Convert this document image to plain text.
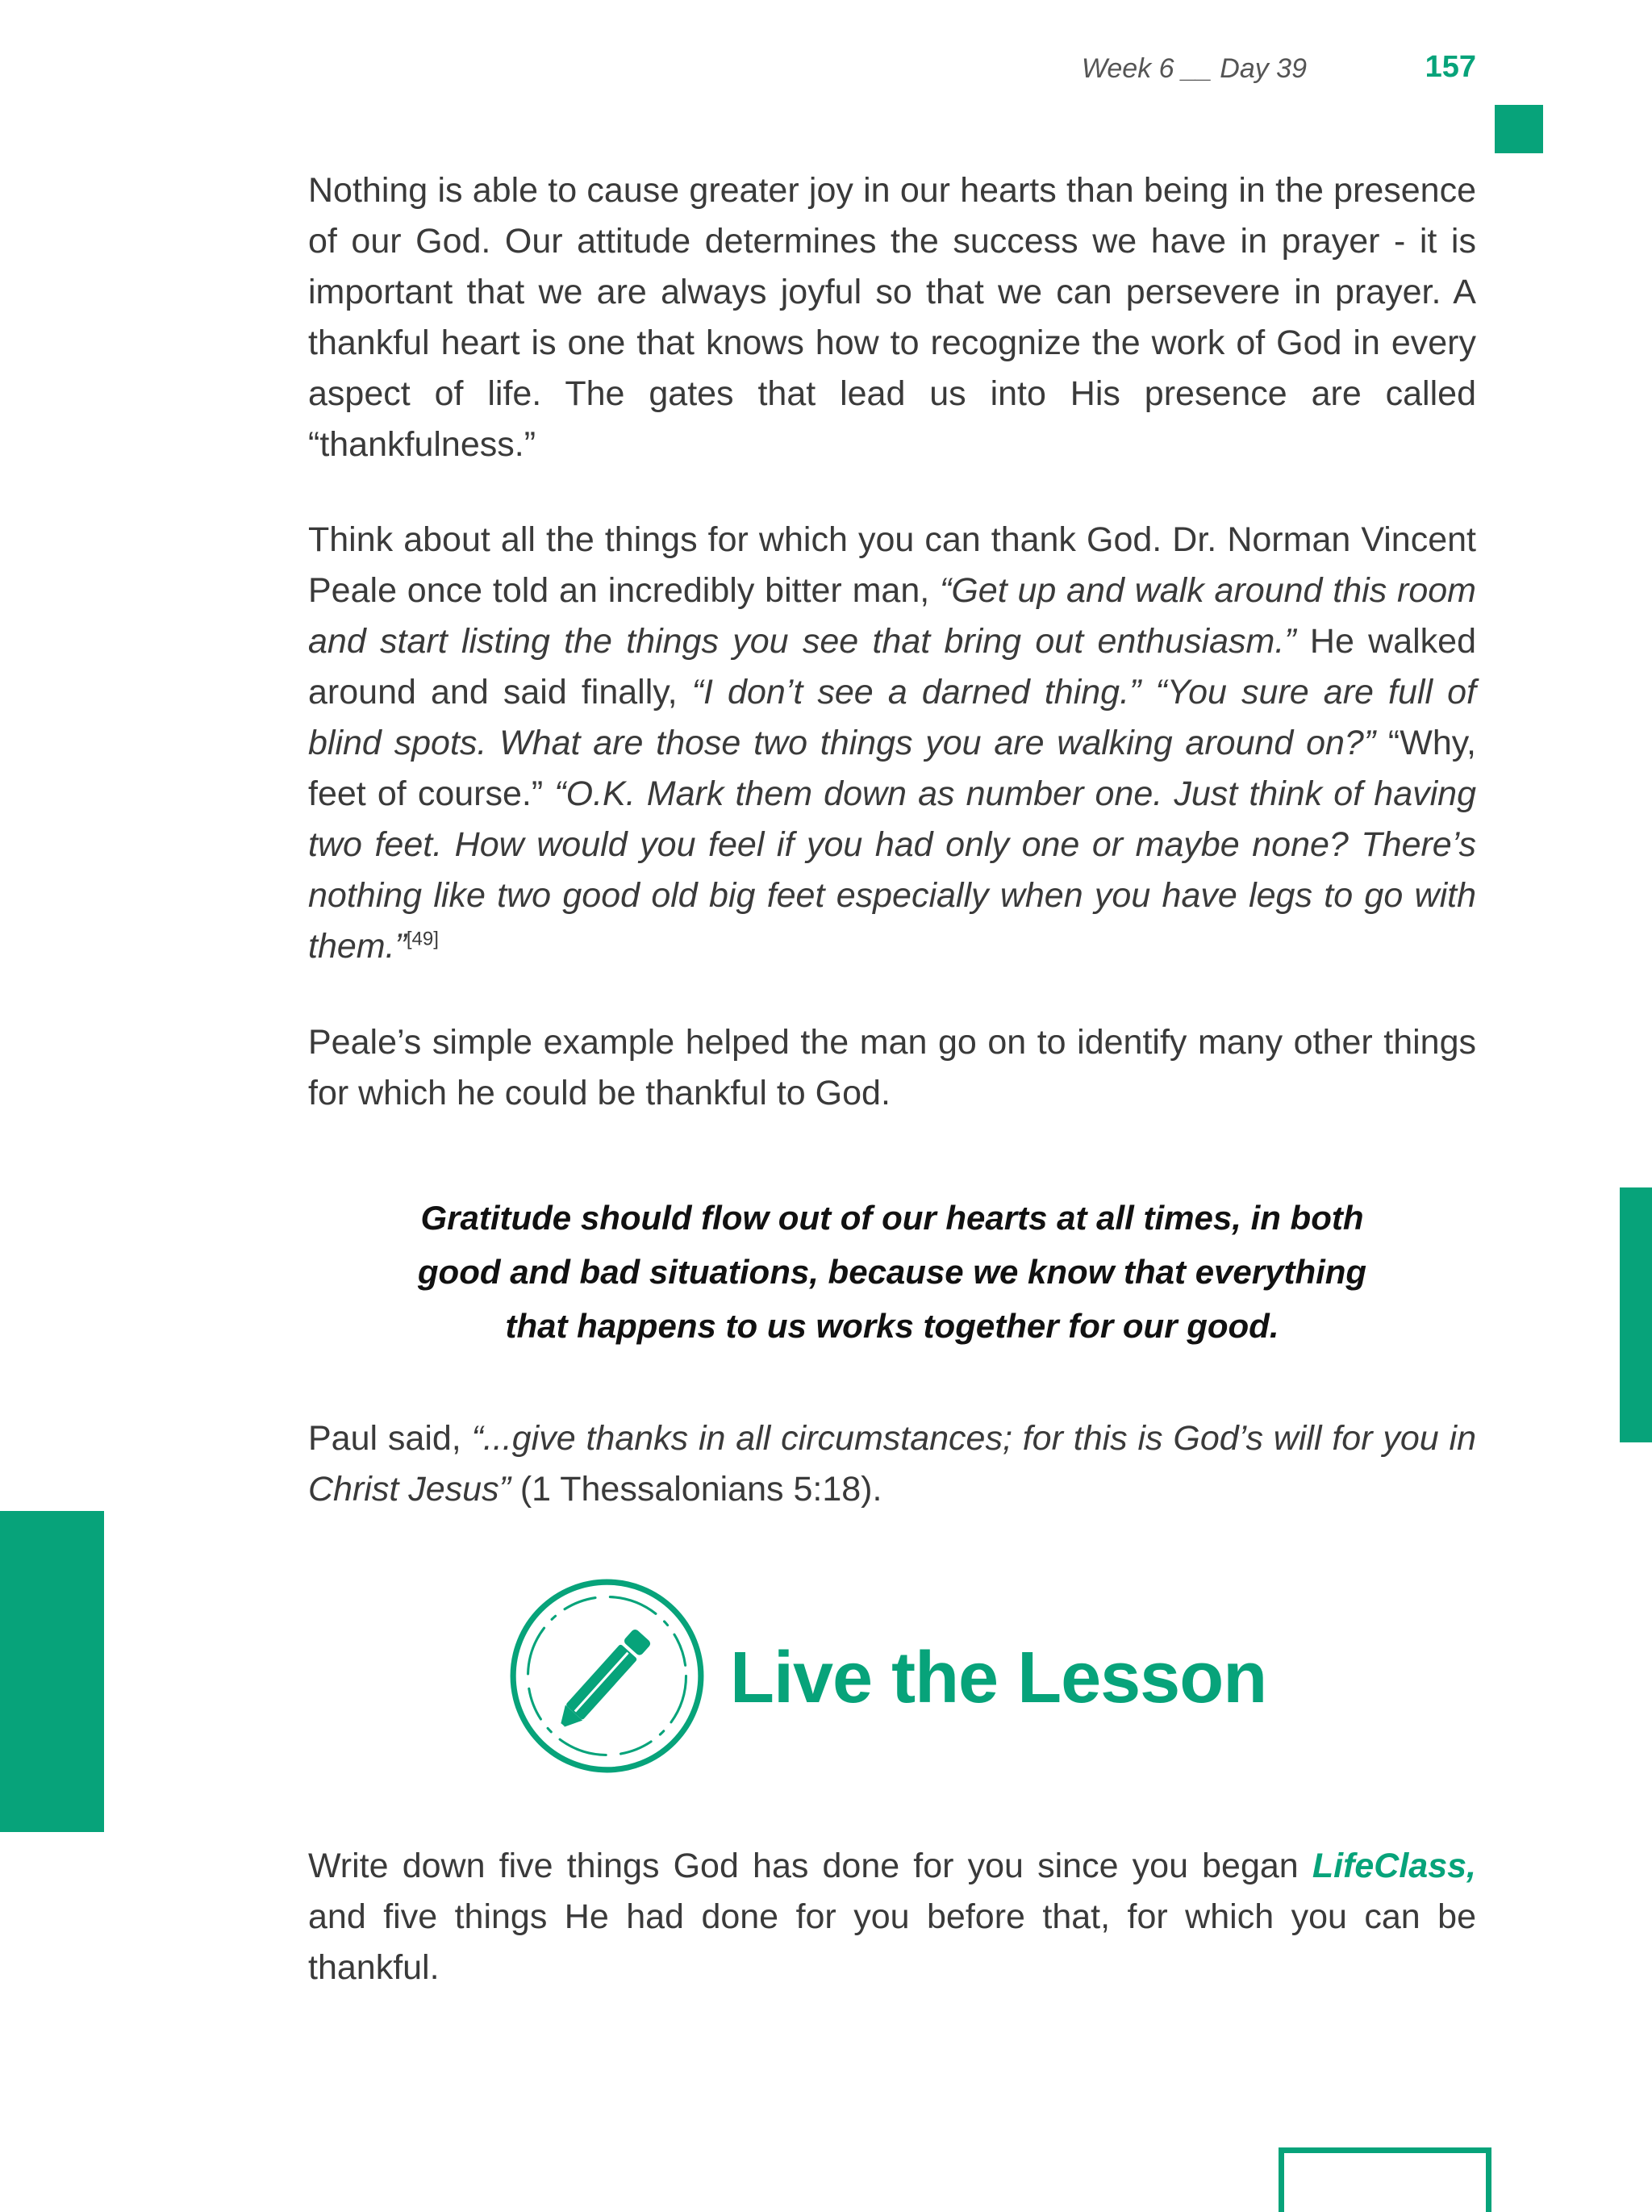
Week 6 __ Day 39	157

Nothing is able to cause greater joy in our hearts than being in the presence of our God. Our attitude determines the success we have in prayer - it is important that we are always joyful so that we can persevere in prayer. A thankful heart is one that knows how to recognize the work of God in every aspect of life. The gates that lead us into His presence are called “thankfulness.”

Think about all the things for which you can thank God. Dr. Norman Vincent Peale once told an incredibly bitter man, “Get up and walk around this room and start listing the things you see that bring out enthusiasm.” He walked around and said finally, “I don’t see a darned thing.” “You sure are full of blind spots. What are those two things you are walking around on?” “Why, feet of course.” “O.K. Mark them down as number one. Just think of having two feet. How would you feel if you had only one or maybe none? There’s nothing like two good old big feet especially when you have legs to go with them.”[49]

Peale’s simple example helped the man go on to identify many other things for which he could be thankful to God.

Gratitude should flow out of our hearts at all times, in both
good and bad situations, because we know that everything
that happens to us works together for our good.

Paul said, “...give thanks in all circumstances; for this is God’s will for you in Christ Jesus” (1 Thessalonians 5:18).

Live the Lesson

Write down five things God has done for you since you began LifeClass, and five things He had done for you before that, for which you can be thankful.
